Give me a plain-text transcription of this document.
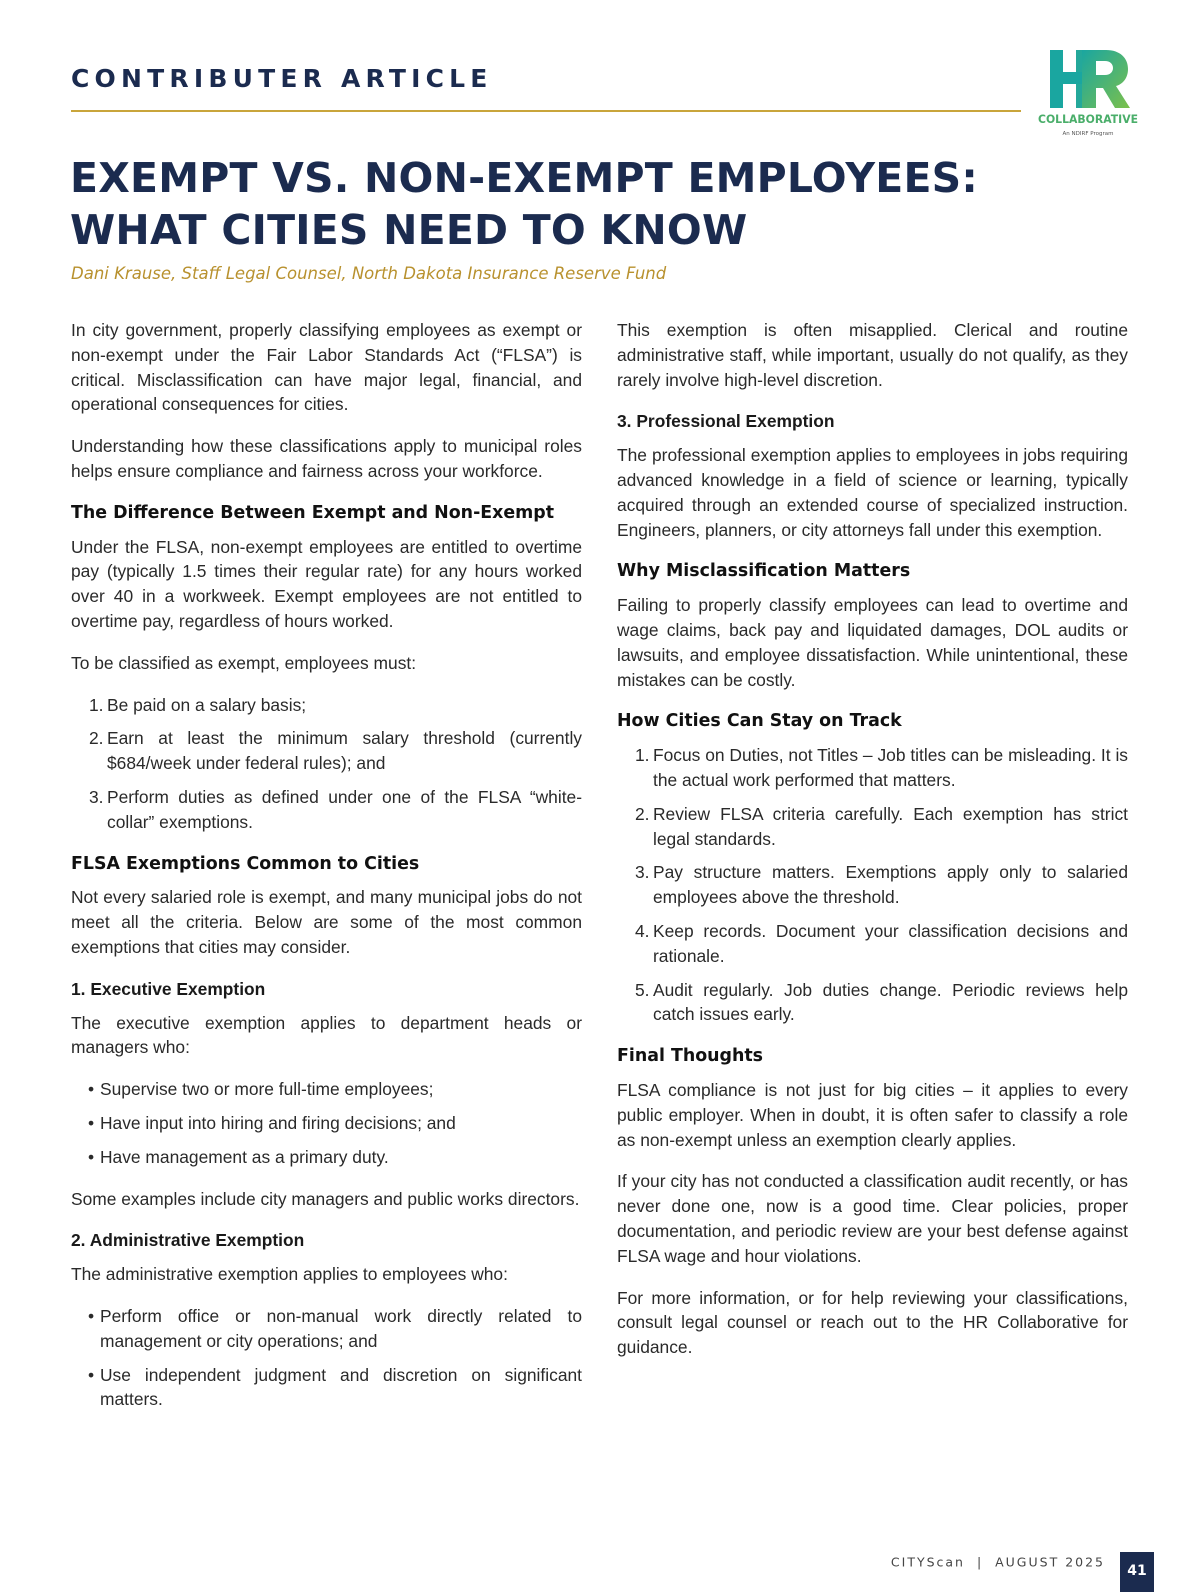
CONTRIBUTER ARTICLE
COLLABORATIVE
An NDIRF Program
EXEMPT VS. NON-EXEMPT EMPLOYEES:
WHAT CITIES NEED TO KNOW
Dani Krause, Staff Legal Counsel, North Dakota Insurance Reserve Fund

In city government, properly classifying employees as exempt or non-exempt under the Fair Labor Standards Act (“FLSA”) is critical. Misclassification can have major legal, financial, and operational consequences for cities.

Understanding how these classifications apply to municipal roles helps ensure compliance and fairness across your workforce.

The Difference Between Exempt and Non-Exempt

Under the FLSA, non-exempt employees are entitled to overtime pay (typically 1.5 times their regular rate) for any hours worked over 40 in a workweek. Exempt employees are not entitled to overtime pay, regardless of hours worked.

To be classified as exempt, employees must:

1. Be paid on a salary basis;
2. Earn at least the minimum salary threshold (currently $684/week under federal rules); and
3. Perform duties as defined under one of the FLSA “white-collar” exemptions.
FLSA Exemptions Common to Cities

Not every salaried role is exempt, and many municipal jobs do not meet all the criteria. Below are some of the most common exemptions that cities may consider.

1. Executive Exemption

The executive exemption applies to department heads or managers who:

• Supervise two or more full-time employees;
• Have input into hiring and firing decisions; and
• Have management as a primary duty.

Some examples include city managers and public works directors.

2. Administrative Exemption

The administrative exemption applies to employees who:

• Perform office or non-manual work directly related to management or city operations; and
• Use independent judgment and discretion on significant matters.

This exemption is often misapplied. Clerical and routine administrative staff, while important, usually do not qualify, as they rarely involve high-level discretion.

3. Professional Exemption

The professional exemption applies to employees in jobs requiring advanced knowledge in a field of science or learning, typically acquired through an extended course of specialized instruction. Engineers, planners, or city attorneys fall under this exemption.

Why Misclassification Matters

Failing to properly classify employees can lead to overtime and wage claims, back pay and liquidated damages, DOL audits or lawsuits, and employee dissatisfaction. While unintentional, these mistakes can be costly.

How Cities Can Stay on Track
1. Focus on Duties, not Titles – Job titles can be misleading. It is the actual work performed that matters.
2. Review FLSA criteria carefully. Each exemption has strict legal standards.
3. Pay structure matters. Exemptions apply only to salaried employees above the threshold.
4. Keep records. Document your classification decisions and rationale.
5. Audit regularly. Job duties change. Periodic reviews help catch issues early.
Final Thoughts

FLSA compliance is not just for big cities – it applies to every public employer. When in doubt, it is often safer to classify a role as non-exempt unless an exemption clearly applies.

If your city has not conducted a classification audit recently, or has never done one, now is a good time. Clear policies, proper documentation, and periodic review are your best defense against FLSA wage and hour violations.

For more information, or for help reviewing your classifications, consult legal counsel or reach out to the HR Collaborative for guidance.

CITYScan | AUGUST 2025
41
